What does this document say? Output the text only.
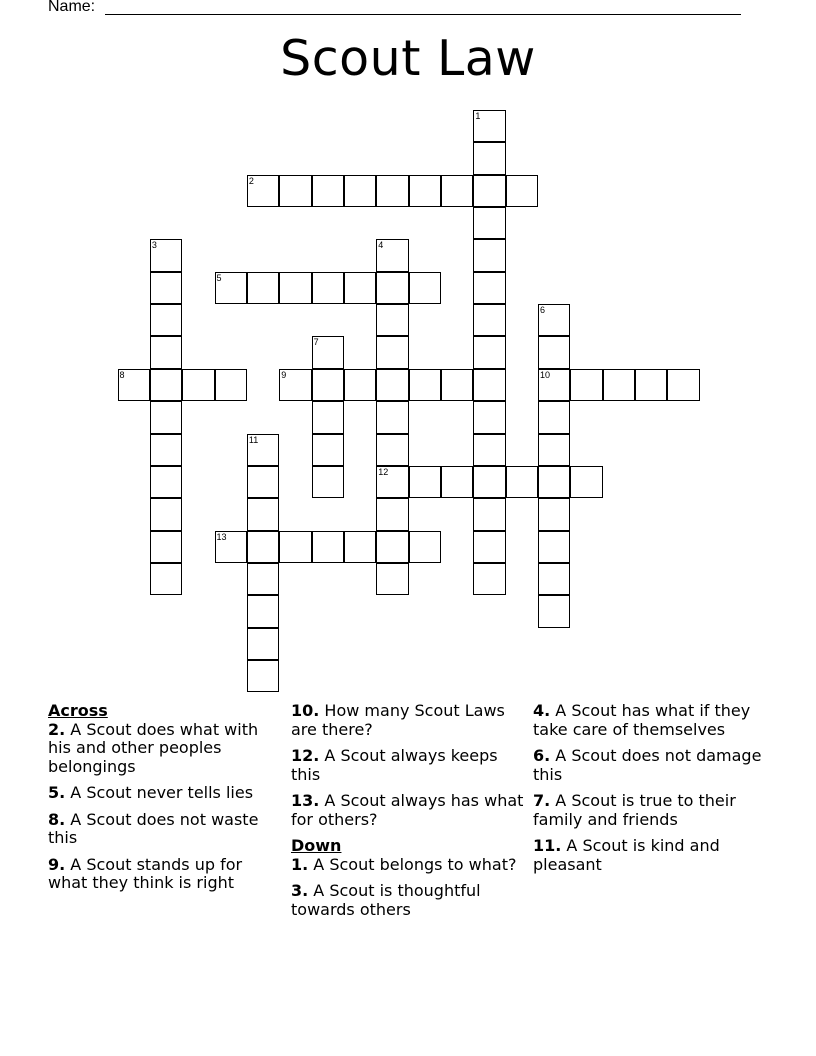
Name:
Scout Law
2
5
8	9	10
12
13
1
3	4
6
7
11
Across
2. A Scout does what with his and other peoples belongings
5. A Scout never tells lies
8. A Scout does not waste this
9. A Scout stands up for what they think is right
10. How many Scout Laws are there?
12. A Scout always keeps this
13. A Scout always has what for others?
Down
1. A Scout belongs to what?
3. A Scout is thoughtful towards others
4. A Scout has what if they take care of themselves
6. A Scout does not damage this
7. A Scout is true to their family and friends
11. A Scout is kind and pleasant
